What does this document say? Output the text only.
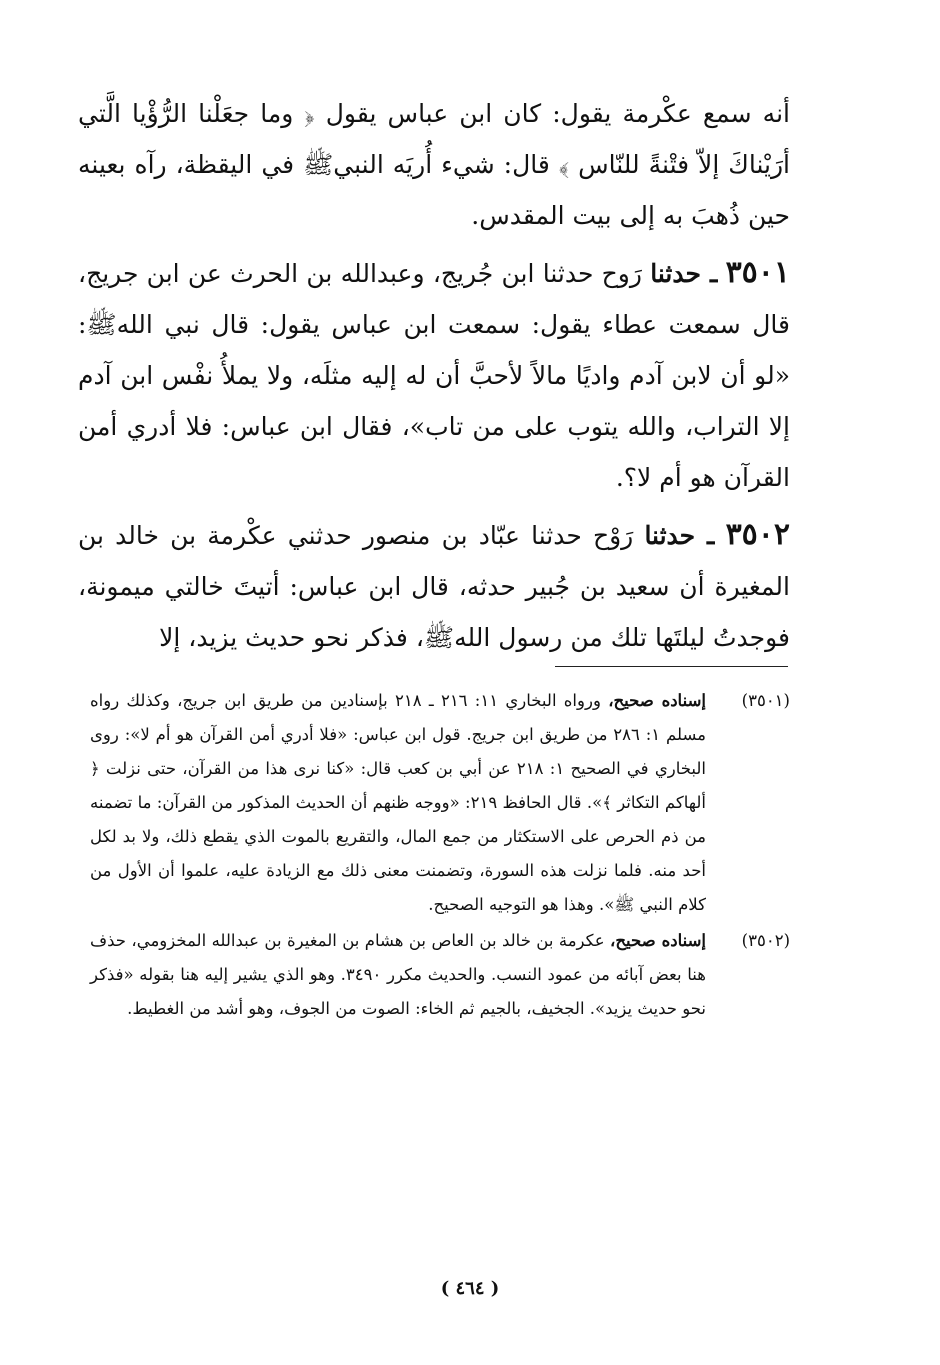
أنه سمع عكْرمة يقول: كان ابن عباس يقول ﴿ وما جعَلْنا الرُّؤْيا الَّتي أرَيْناكَ إلاّ فتْنةً للنّاس ﴾ قال: شيء أُريَه النبيﷺ في اليقظة، رآه بعينه حين ذُهبَ به إلى بيت المقدس.

٣٥٠١ ـ حدثنا رَوح حدثنا ابن جُريج، وعبدالله بن الحرث عن ابن جريج، قال سمعت عطاء يقول: سمعت ابن عباس يقول: قال نبي اللهﷺ: «لو أن لابن آدم واديًا مالاً لأحبَّ أن له إليه مثلَه، ولا يملأُ نفْس ابن آدم إلا التراب، والله يتوب على من تاب»، فقال ابن عباس: فلا أدري أمن القرآن هو أم لا؟.

٣٥٠٢ ـ حدثنا رَوْح حدثنا عبّاد بن منصور حدثني عكْرمة بن خالد بن المغيرة أن سعيد بن جُبير حدثه، قال ابن عباس: أتيتَ خالتي ميمونة، فوجدتُ ليلتَها تلك من رسول اللهﷺ، فذكر نحو حديث يزيد، إلا

(٣٥٠١)إسناده صحيح، ورواه البخاري ١١: ٢١٦ ـ ٢١٨ بإسنادين من طريق ابن جريج، وكذلك رواه مسلم ١: ٢٨٦ من طريق ابن جريج. قول ابن عباس: «فلا أدري أمن القرآن هو أم لا»: روى البخاري في الصحيح ١: ٢١٨ عن أبي بن كعب قال: «كنا نرى هذا من القرآن، حتى نزلت ﴿ ألهاكم التكاثر ﴾». قال الحافظ ٢١٩: «ووجه ظنهم أن الحديث المذكور من القرآن: ما تضمنه من ذم الحرص على الاستكثار من جمع المال، والتقريع بالموت الذي يقطع ذلك، ولا بد لكل أحد منه. فلما نزلت هذه السورة، وتضمنت معنى ذلك مع الزيادة عليه، علموا أن الأول من كلام النبي ﷺ». وهذا هو التوجيه الصحيح.

(٣٥٠٢)إسناده صحيح، عكرمة بن خالد بن العاص بن هشام بن المغيرة بن عبدالله المخزومي، حذف هنا بعض آبائه من عمود النسب. والحديث مكرر ٣٤٩٠. وهو الذي يشير إليه هنا بقوله «فذكر نحو حديث يزيد». الجخيف، بالجيم ثم الخاء: الصوت من الجوف، وهو أشد من الغطيط.

( ٤٦٤ )
